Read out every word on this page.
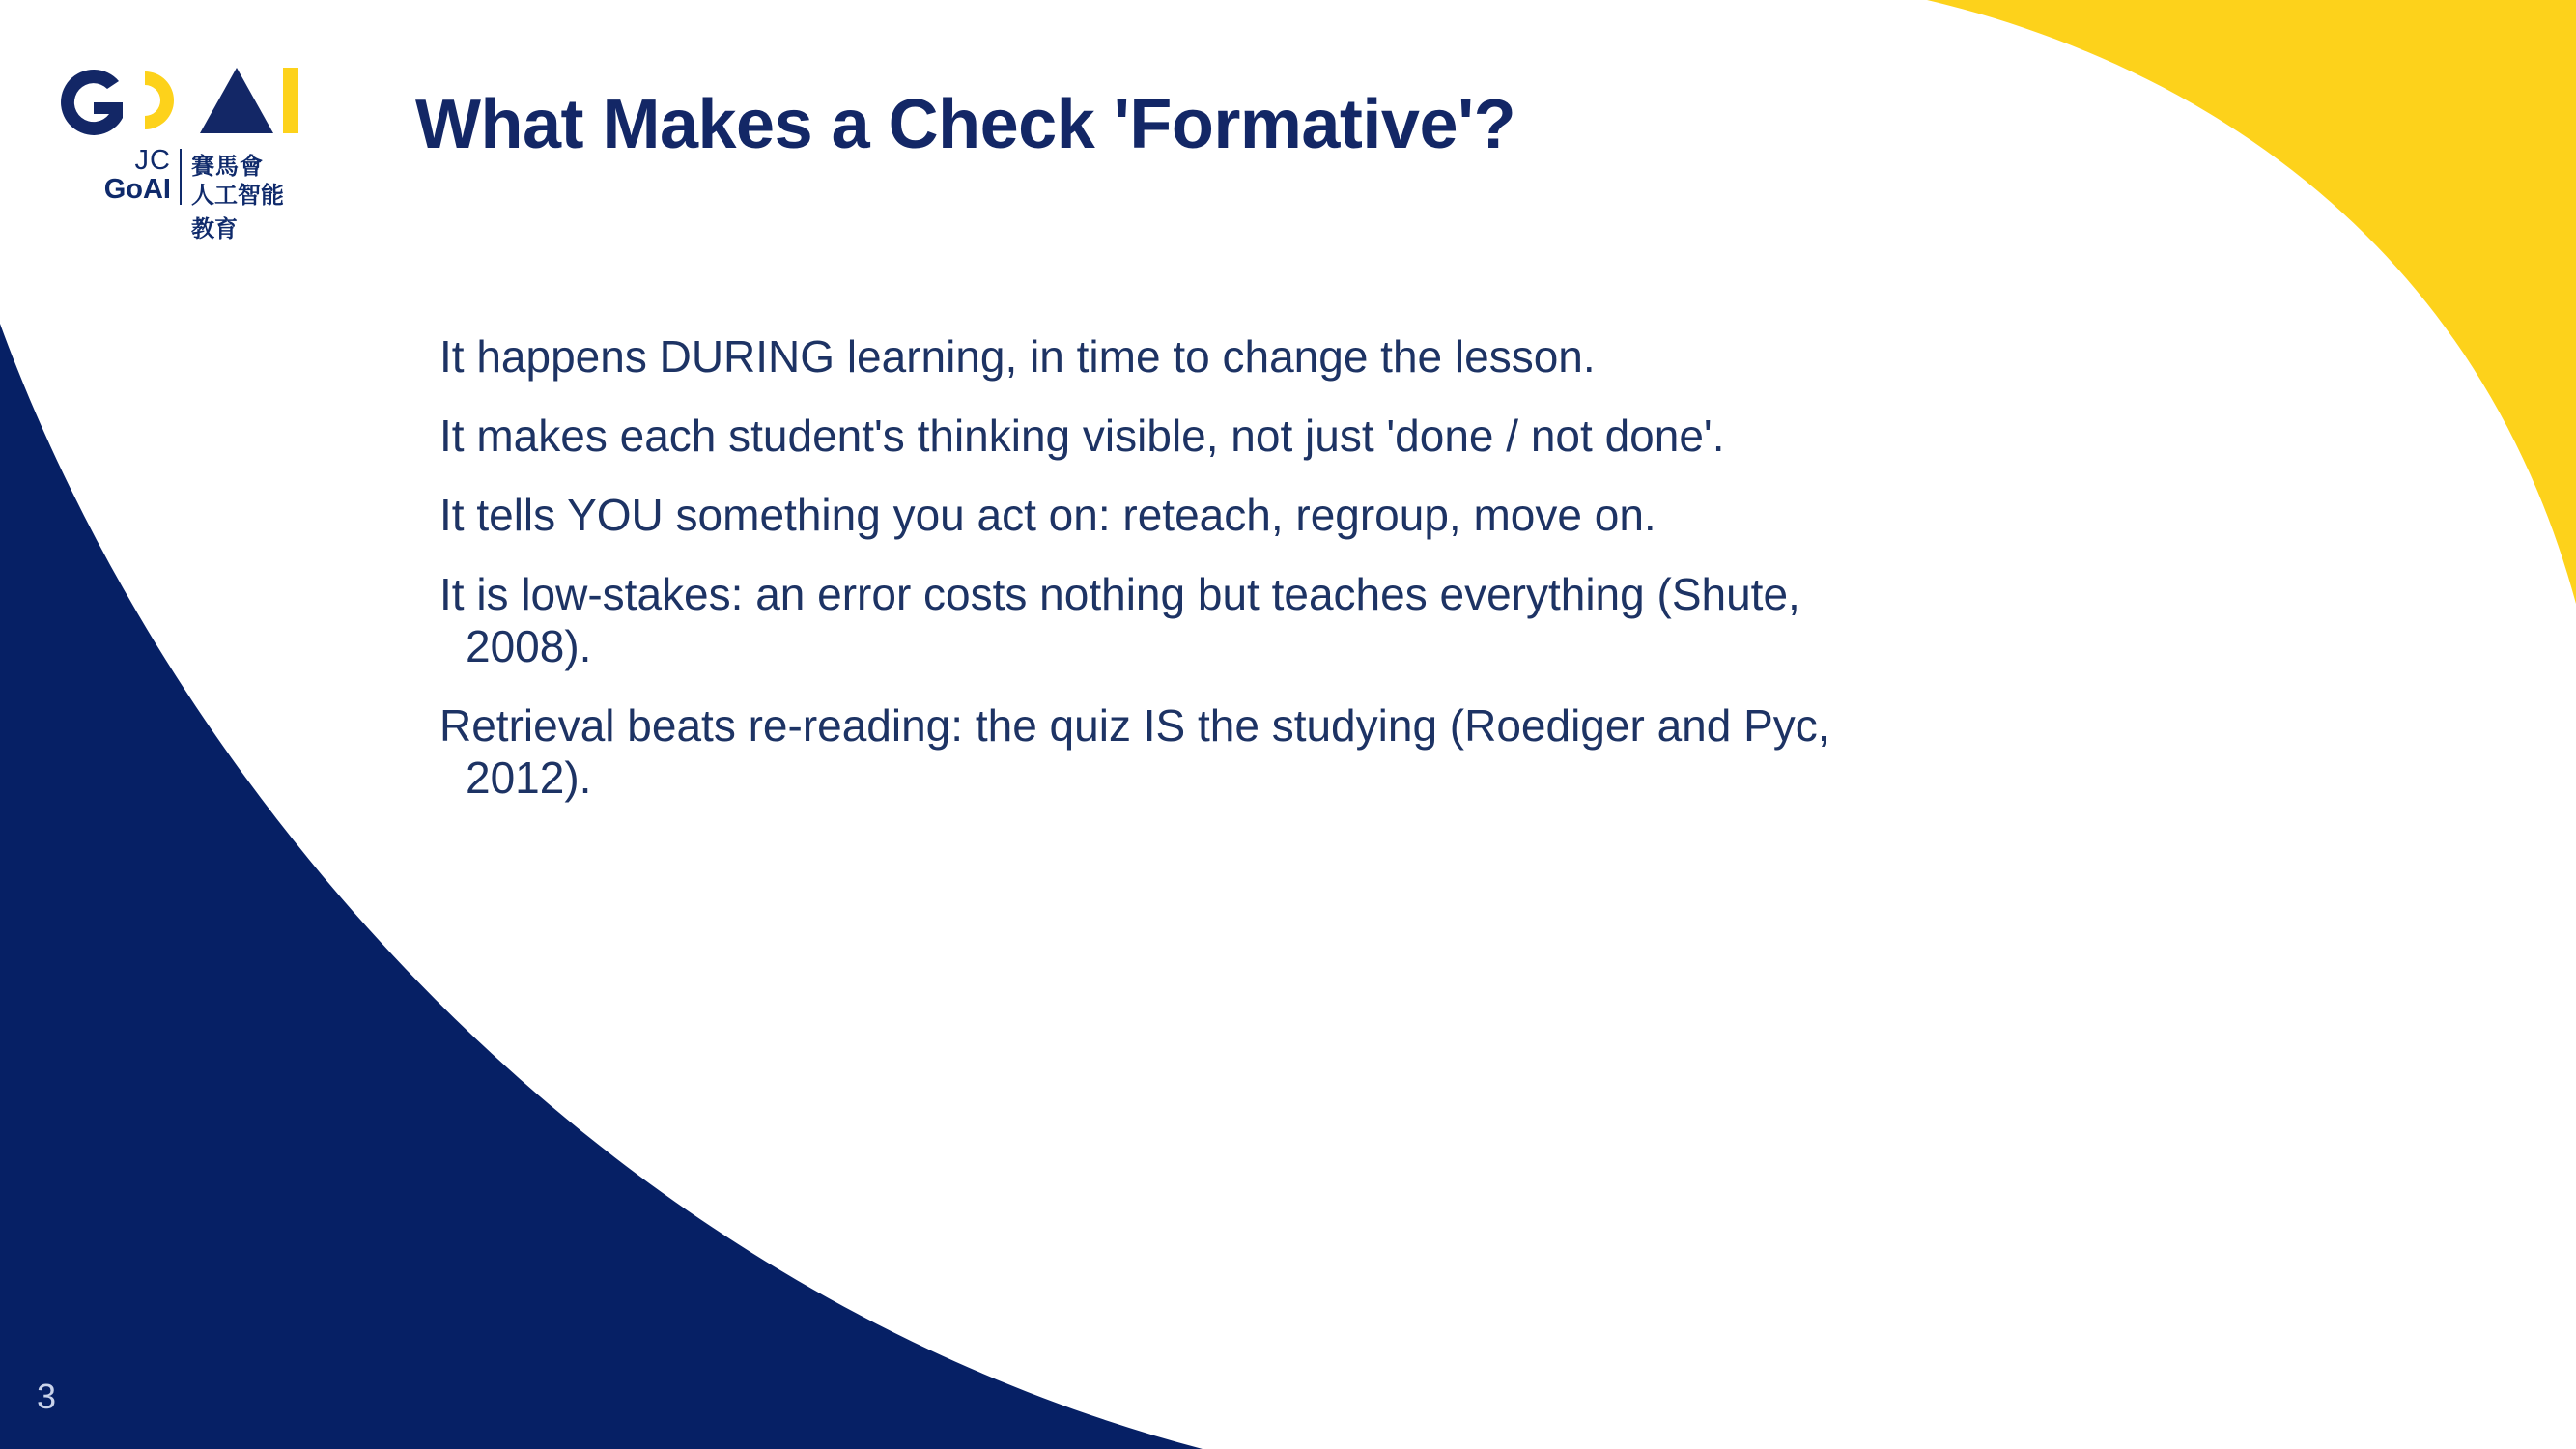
JC
GoAI
賽馬會
人工智能教育
What Makes a Check 'Formative'?
It happens DURING learning, in time to change the lesson.
It makes each student's thinking visible, not just 'done / not done'.
It tells YOU something you act on: reteach, regroup, move on.
It is low-stakes: an error costs nothing but teaches everything (Shute, 2008).
Retrieval beats re-reading: the quiz IS the studying (Roediger and Pyc, 2012).
3
